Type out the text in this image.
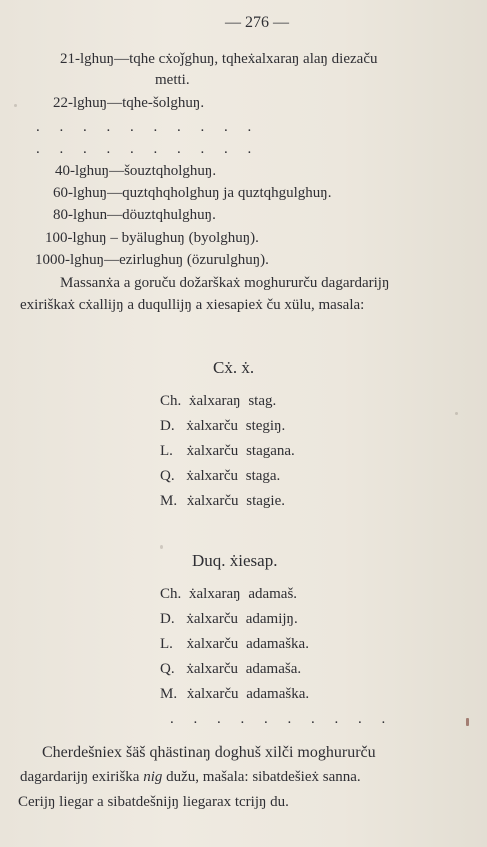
— 276 —
21-lghuŋ—tqhe cẋoǰghuŋ, tqheẋalxaraŋ alaŋ diezaču
metti.
22-lghuŋ—tqhe-šolghuŋ.
. . . . . . . . . .
. . . . . . . . . .
40-lghuŋ—šouztqholghuŋ.
60-lghuŋ—quztqhqholghuŋ ja quztqhgulghuŋ.
80-lghun—döuztqhulghuŋ.
100-lghuŋ – byälughuŋ (byolghuŋ).
1000-lghuŋ—ezirlughuŋ (özurulghuŋ).
Massanẋa a goruču dožarškaẋ moghururču dagardarijŋ
exiriškaẋ cẋallijŋ a duqullijŋ a xiesapieẋ ču xülu, masala:
Cẋ. ẋ.
Ch. ẋalxaraŋ stag.
D. ẋalxarču stegiŋ.
L. ẋalxarču stagana.
Q. ẋalxarču staga.
M. ẋalxarču stagie.
Duq. ẋiesap.
Ch. ẋalxaraŋ adamaš.
D. ẋalxarču adamijŋ.
L. ẋalxarču adamaška.
Q. ẋalxarču adamaša.
M. ẋalxarču adamaška.
. . . . . . . . . .
Cherdešniex šäš qhästinaŋ doghuš xilči moghururču
dagardarijŋ exiriška nig dužu, mašala: sibatdešieẋ sanna.
Cerijŋ liegar a sibatdešnijŋ liegarax tcrijŋ du.
